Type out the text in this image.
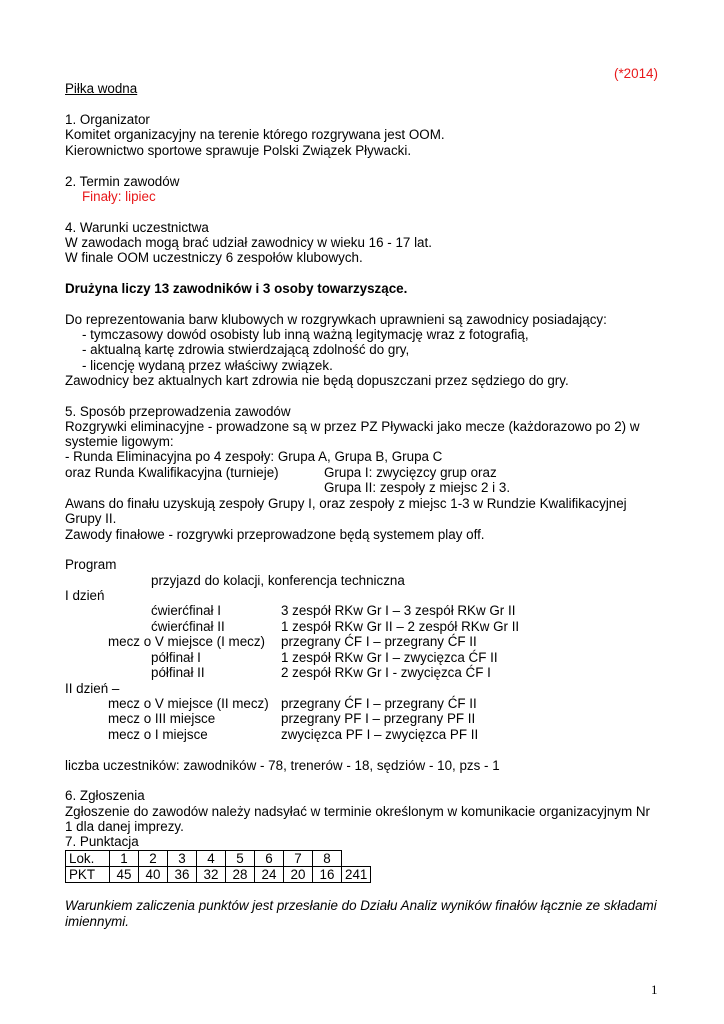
(*2014)
Piłka wodna
1. Organizator
Komitet organizacyjny na terenie którego rozgrywana jest OOM.
Kierownictwo sportowe sprawuje Polski Związek Pływacki.
2. Termin zawodów
Finały: lipiec
4. Warunki uczestnictwa
W zawodach mogą brać udział zawodnicy w wieku 16 - 17 lat.
W finale OOM uczestniczy 6 zespołów klubowych.
Drużyna liczy 13 zawodników i 3 osoby towarzyszące.
Do reprezentowania barw klubowych w rozgrywkach uprawnieni są zawodnicy posiadający:
- tymczasowy dowód osobisty lub inną ważną legitymację wraz z fotografią,
- aktualną kartę zdrowia stwierdzającą zdolność do gry,
- licencję wydaną przez właściwy związek.
Zawodnicy bez aktualnych kart zdrowia nie będą dopuszczani przez sędziego do gry.
5. Sposób przeprowadzenia zawodów
Rozgrywki eliminacyjne - prowadzone są w przez PZ Pływacki jako mecze (każdorazowo po 2) w
systemie ligowym:
- Runda Eliminacyjna po 4 zespoły: Grupa A, Grupa B, Grupa C
oraz Runda Kwalifikacyjna (turnieje)	Grupa I: zwycięzcy grup oraz
Grupa II: zespoły z miejsc 2 i 3.
Awans do finału uzyskują zespoły Grupy I, oraz zespoły z miejsc 1-3 w Rundzie Kwalifikacyjnej
Grupy II.
Zawody finałowe - rozgrywki przeprowadzone będą systemem play off.
Program
przyjazd do kolacji, konferencja techniczna
I dzień
ćwierćfinał I	3 zespół RKw Gr I – 3 zespół RKw Gr II
ćwierćfinał II	1 zespół RKw Gr II – 2 zespół RKw Gr II
mecz o V miejsce (I mecz) przegrany ĆF I – przegrany ĆF II
półfinał I	1 zespół RKw Gr I – zwycięzca ĆF II
półfinał II	2 zespół RKw Gr I - zwycięzca ĆF I
II dzień –
mecz o V miejsce (II mecz) przegrany ĆF I – przegrany ĆF II
mecz o III miejsce	przegrany PF I – przegrany PF II
mecz o I miejsce	zwycięzca PF I – zwycięzca PF II
liczba uczestników: zawodników - 78, trenerów - 18, sędziów - 10, pzs - 1
6. Zgłoszenia
Zgłoszenie do zawodów należy nadsyłać w terminie określonym w komunikacie organizacyjnym Nr
1 dla danej imprezy.
7. Punktacja
Lok.	1	2	3	4	5	6	7	8	
PKT	45	40	36	32	28	24	20	16	241
Warunkiem zaliczenia punktów jest przesłanie do Działu Analiz wyników finałów łącznie ze składami
imiennymi.
1
